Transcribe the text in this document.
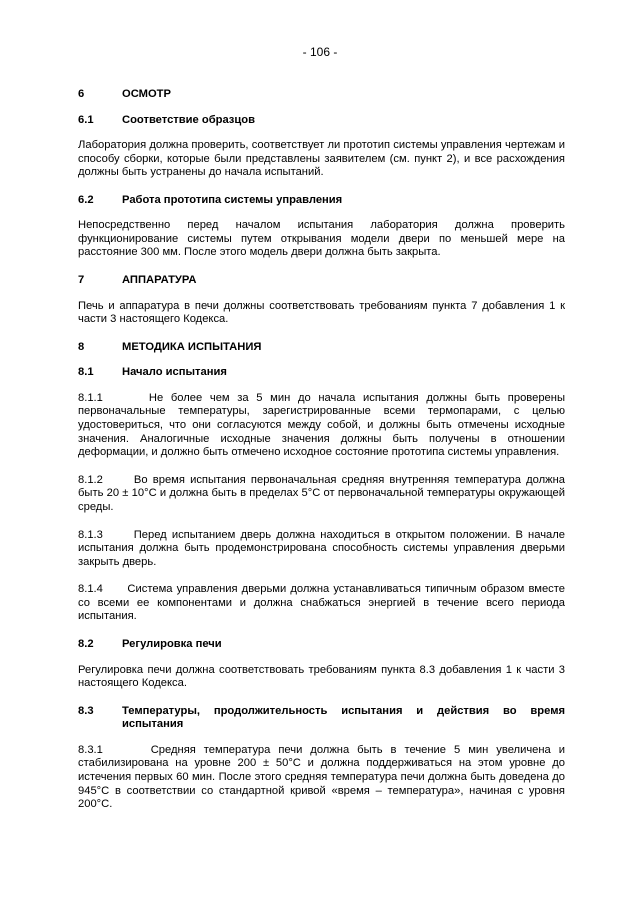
- 106 -
6	ОСМОТР
6.1	Соответствие образцов

Лаборатория должна проверить, соответствует ли прототип системы управления чертежам и способу сборки, которые были представлены заявителем (см. пункт 2), и все расхождения должны быть устранены до начала испытаний.

6.2	Работа прототипа системы управления

Непосредственно перед началом испытания лаборатория должна проверить функционирование системы путем открывания модели двери по меньшей мере на расстояние 300 мм. После этого модель двери должна быть закрыта.

7	АППАРАТУРА

Печь и аппаратура в печи должны соответствовать требованиям пункта 7 добавления 1 к части 3 настоящего Кодекса.

8	МЕТОДИКА ИСПЫТАНИЯ
8.1	Начало испытания

8.1.1      Не более чем за 5 мин до начала испытания должны быть проверены первоначальные температуры, зарегистрированные всеми термопарами, с целью удостовериться, что они согласуются между собой, и должны быть отмечены исходные значения. Аналогичные исходные значения должны быть получены в отношении деформации, и должно быть отмечено исходное состояние прототипа системы управления.

8.1.2      Во время испытания первоначальная средняя внутренняя температура должна быть 20 ± 10°C и должна быть в пределах 5°C от первоначальной температуры окружающей среды.

8.1.3      Перед испытанием дверь должна находиться в открытом положении. В начале испытания должна быть продемонстрирована способность системы управления дверьми закрыть дверь.

8.1.4      Система управления дверьми должна устанавливаться типичным образом вместе со всеми ее компонентами и должна снабжаться энергией в течение всего периода испытания.

8.2	Регулировка печи

Регулировка печи должна соответствовать требованиям пункта 8.3 добавления 1 к части 3 настоящего Кодекса.

8.3	Температуры, продолжительность испытания и действия во время испытания

8.3.1      Средняя температура печи должна быть в течение 5 мин увеличена и стабилизирована на уровне 200 ± 50°C и должна поддерживаться на этом уровне до истечения первых 60 мин. После этого средняя температура печи должна быть доведена до 945°C в соответствии со стандартной кривой «время – температура», начиная с уровня 200°C.
